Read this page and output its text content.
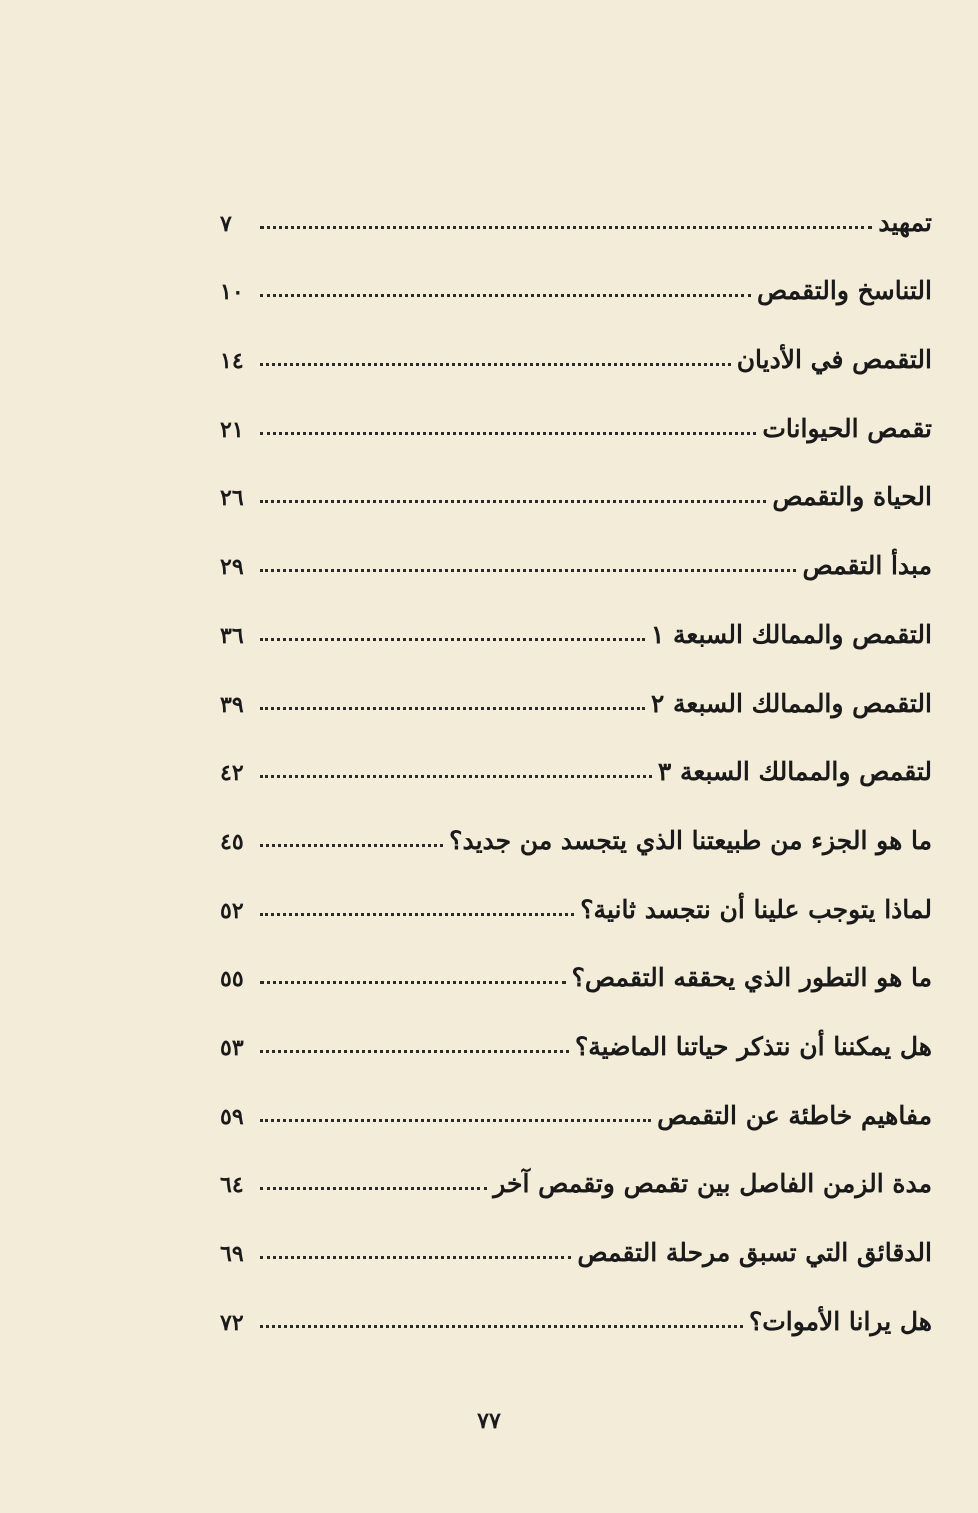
تمهيد
٧
التناسخ والتقمص
١٠
التقمص في الأديان
١٤
تقمص الحيوانات
٢١
الحياة والتقمص
٢٦
مبدأ التقمص
٢٩
التقمص والممالك السبعة ١
٣٦
التقمص والممالك السبعة ٢
٣٩
لتقمص والممالك السبعة ٣
٤٢
ما هو الجزء من طبيعتنا الذي يتجسد من جديد؟
٤٥
لماذا يتوجب علينا أن نتجسد ثانية؟
٥٢
ما هو التطور الذي يحققه التقمص؟
٥٥
هل يمكننا أن نتذكر حياتنا الماضية؟
٥٣
مفاهيم خاطئة عن التقمص
٥٩
مدة الزمن الفاصل بين تقمص وتقمص آخر
٦٤
الدقائق التي تسبق مرحلة التقمص
٦٩
هل يرانا الأموات؟
٧٢
٧٧
